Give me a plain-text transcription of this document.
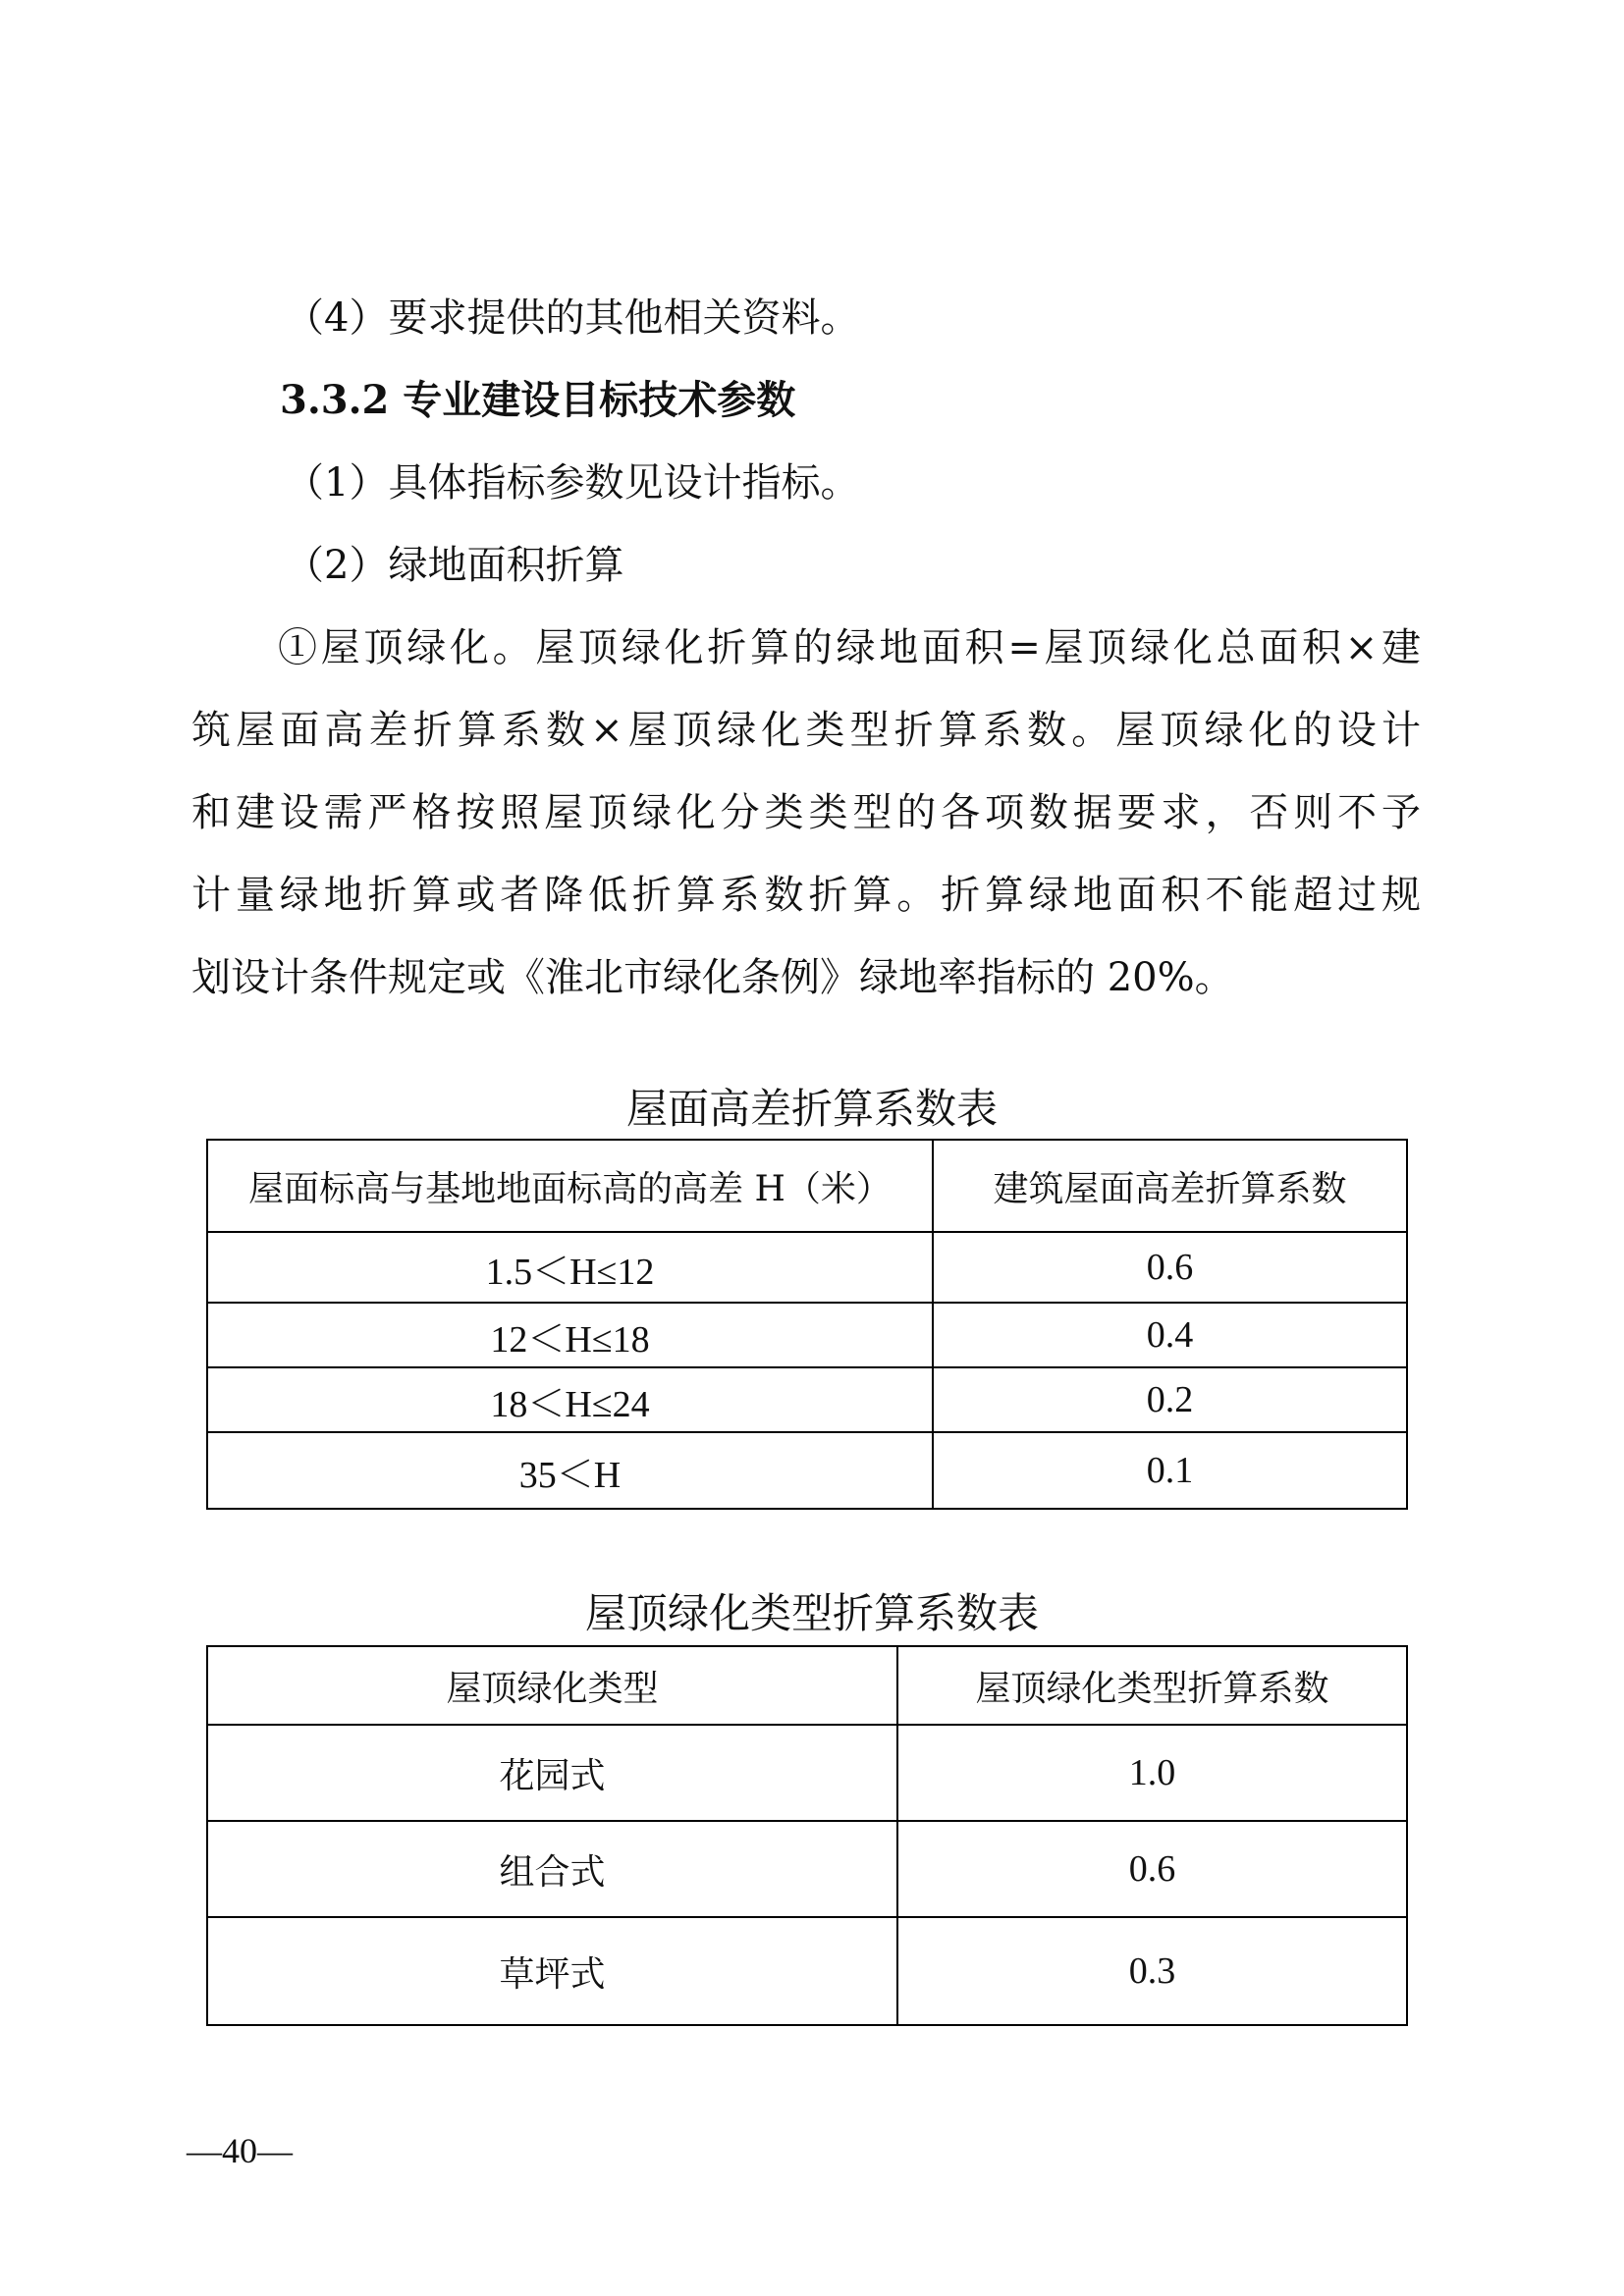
（4）要求提供的其他相关资料。
3.3.2 专业建设目标技术参数
（1）具体指标参数见设计指标。
（2）绿地面积折算
①屋顶绿化。屋顶绿化折算的绿地面积=屋顶绿化总面积×建
筑屋面高差折算系数×屋顶绿化类型折算系数。屋顶绿化的设计
和建设需严格按照屋顶绿化分类类型的各项数据要求，否则不予
计量绿地折算或者降低折算系数折算。折算绿地面积不能超过规
划设计条件规定或《淮北市绿化条例》绿地率指标的 20%。
屋面高差折算系数表
屋面标高与基地地面标高的高差 H（米）	建筑屋面高差折算系数
1.5＜H≤12	0.6
12＜H≤18	0.4
18＜H≤24	0.2
35＜H	0.1
屋顶绿化类型折算系数表
屋顶绿化类型	屋顶绿化类型折算系数
花园式	1.0
组合式	0.6
草坪式	0.3
—40—
